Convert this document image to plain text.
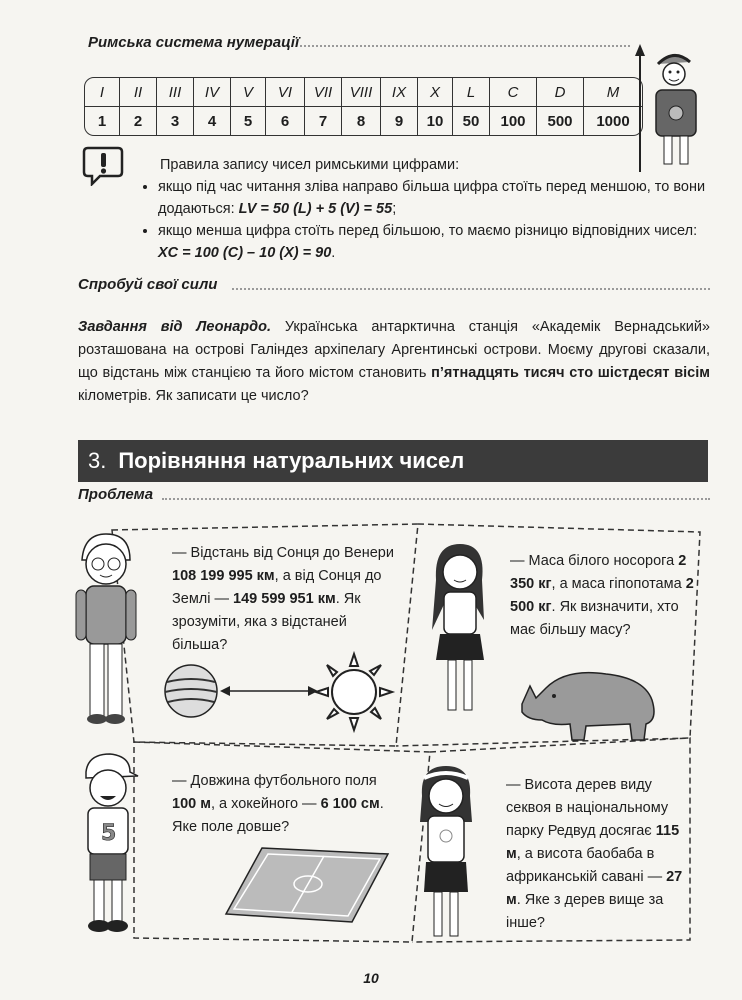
Римська система нумерації
I	II	III	IV	V	VI	VII	VIII	IX	X	L	C	D	M
1	2	3	4	5	6	7	8	9	10	50	100	500	1000
Правила запису чисел римськими цифрами:
• якщо під час читання зліва направо більша цифра стоїть перед меншою, то вони додаються: LV = 50 (L) + 5 (V) = 55;
• якщо менша цифра стоїть перед більшою, то маємо різницю відповідних чисел: XC = 100 (C) – 10 (X) = 90.
Спробуй свої сили
Завдання від Леонардо. Українська антарктична станція «Академік Вернадський» розташована на острові Галіндез архіпелагу Аргентинські острови. Моєму другові сказали, що відстань між станцією та його містом становить п’ятнадцять тисяч сто шістдесят вісім кілометрів. Як записати це число?
3. Порівняння натуральних чисел
Проблема
— Відстань від Сонця до Венери 108 199 995 км, а від Сонця до Землі — 149 599 951 км. Як зрозуміти, яка з відстаней більша?
— Маса білого носорога 2 350 кг, а маса гіпопотама 2 500 кг. Як визначити, хто має більшу масу?
— Довжина футбольного поля 100 м, а хокейного — 6 100 см. Яке поле довше?
— Висота дерев виду секвоя в національному парку Редвуд досягає 115 м, а висота баобаба в африканській савані — 27 м. Яке з дерев вище за інше?
5
10
